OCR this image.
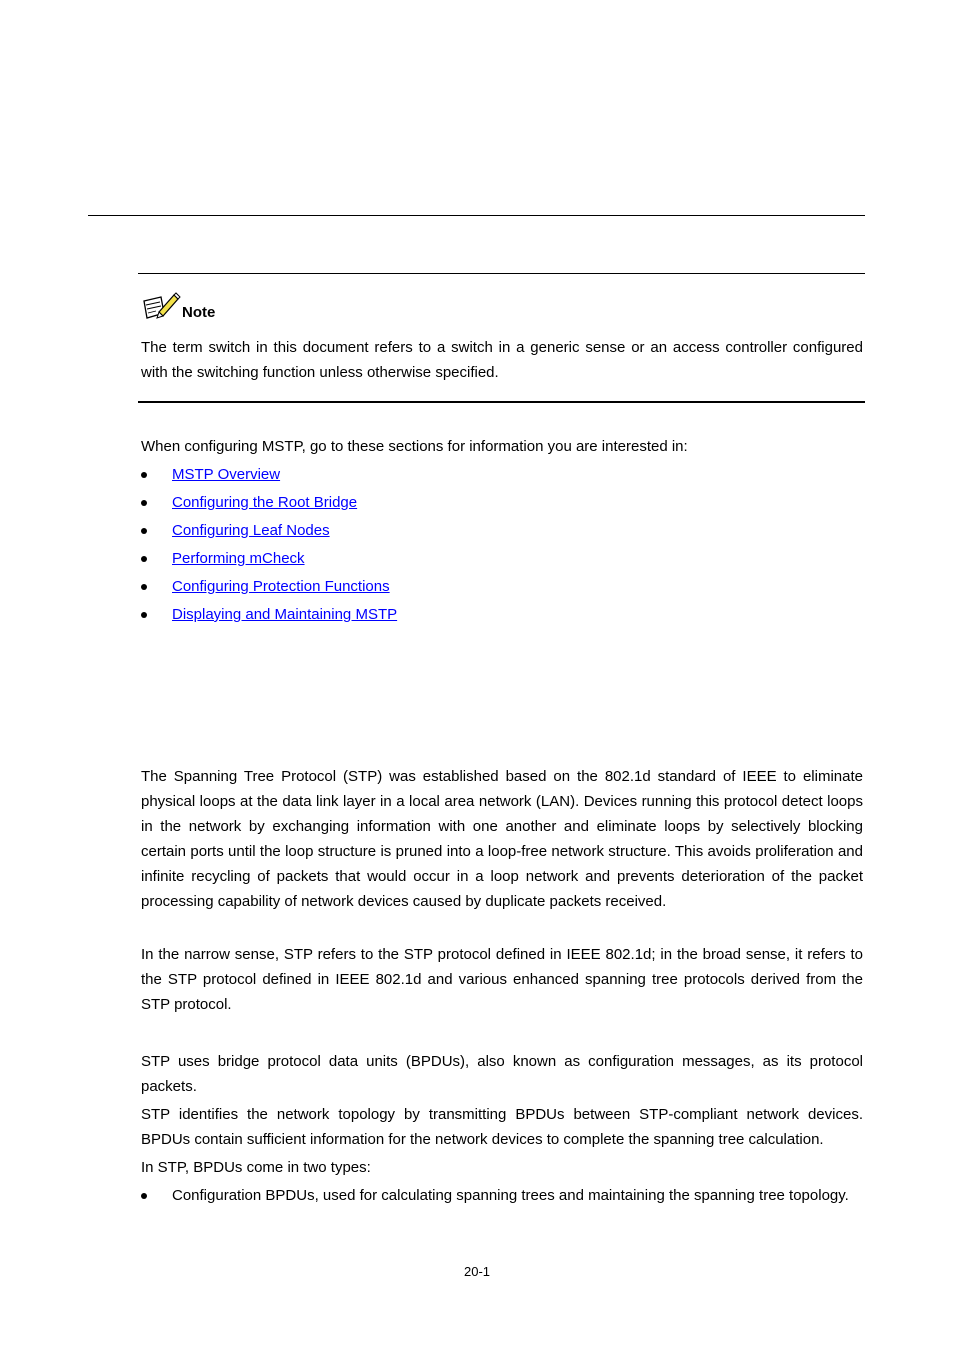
Note

The term switch in this document refers to a switch in a generic sense or an access controller configured with the switching function unless otherwise specified.

When configuring MSTP, go to these sections for information you are interested in:

MSTP Overview
Configuring the Root Bridge
Configuring Leaf Nodes
Performing mCheck
Configuring Protection Functions
Displaying and Maintaining MSTP

The Spanning Tree Protocol (STP) was established based on the 802.1d standard of IEEE to eliminate physical loops at the data link layer in a local area network (LAN). Devices running this protocol detect loops in the network by exchanging information with one another and eliminate loops by selectively blocking certain ports until the loop structure is pruned into a loop-free network structure. This avoids proliferation and infinite recycling of packets that would occur in a loop network and prevents deterioration of the packet processing capability of network devices caused by duplicate packets received.

In the narrow sense, STP refers to the STP protocol defined in IEEE 802.1d; in the broad sense, it refers to the STP protocol defined in IEEE 802.1d and various enhanced spanning tree protocols derived from the STP protocol.

STP uses bridge protocol data units (BPDUs), also known as configuration messages, as its protocol packets.

STP identifies the network topology by transmitting BPDUs between STP-compliant network devices. BPDUs contain sufficient information for the network devices to complete the spanning tree calculation.

In STP, BPDUs come in two types:

Configuration BPDUs, used for calculating spanning trees and maintaining the spanning tree topology.

20-1
